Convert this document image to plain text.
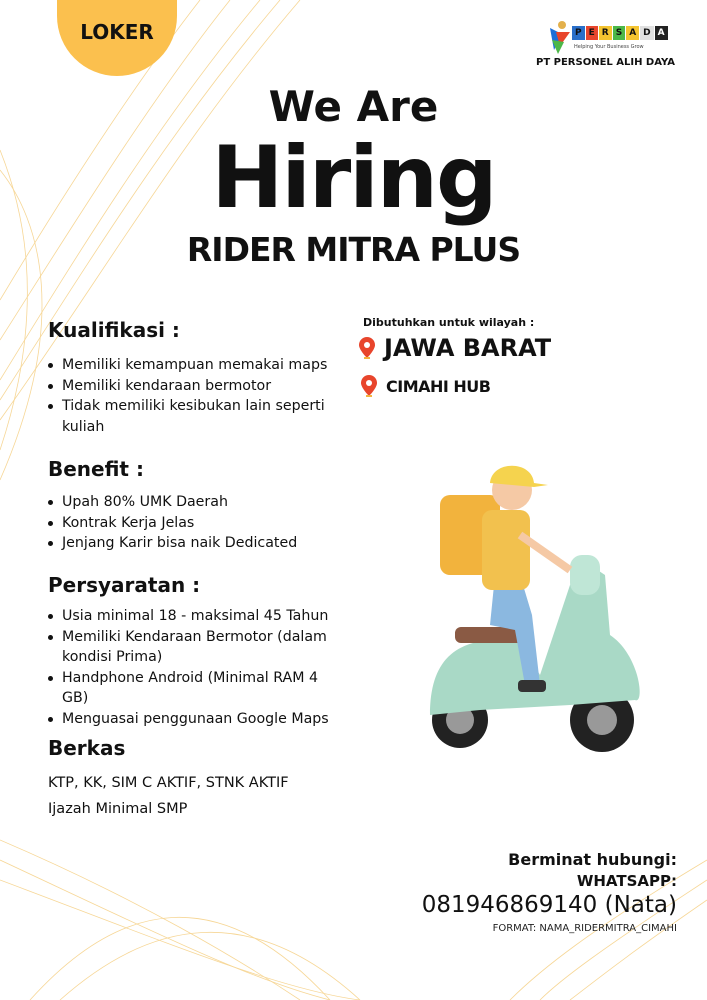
LOKER	P E R S A D A
Helping Your Business Grow
PT PERSONEL ALIH DAYA
We Are
Hiring
RIDER MITRA PLUS
Dibutuhkan untuk wilayah :
JAWA BARAT
CIMAHI HUB
Kualifikasi :
Memiliki kemampuan memakai maps
Memiliki kendaraan bermotor
Tidak memiliki kesibukan lain seperti kuliah
Benefit :
Upah 80% UMK Daerah
Kontrak Kerja Jelas
Jenjang Karir bisa naik Dedicated
Persyaratan :
Usia minimal 18 - maksimal 45 Tahun
Memiliki Kendaraan Bermotor (dalam kondisi Prima)
Handphone Android (Minimal RAM 4 GB)
Menguasai penggunaan Google Maps
Berkas
KTP, KK, SIM C AKTIF, STNK AKTIF
Ijazah Minimal SMP
Berminat hubungi:
WHATSAPP:
081946869140 (Nata)
FORMAT: NAMA_RIDERMITRA_CIMAHI
